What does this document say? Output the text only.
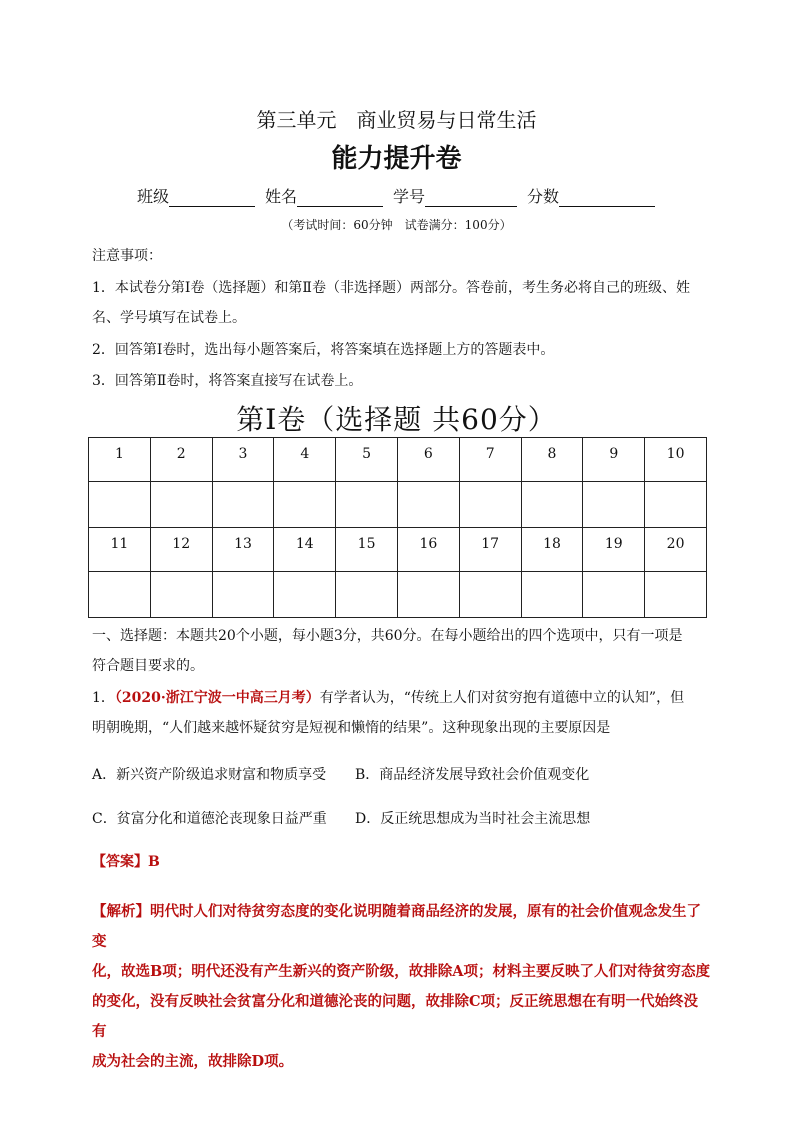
第三单元　商业贸易与日常生活
能力提升卷
班级	姓名	学号	分数
（考试时间：60分钟　试卷满分：100分）
注意事项：
1．本试卷分第Ⅰ卷（选择题）和第Ⅱ卷（非选择题）两部分。答卷前，考生务必将自己的班级、姓
名、学号填写在试卷上。
2．回答第Ⅰ卷时，选出每小题答案后，将答案填在选择题上方的答题表中。
3．回答第Ⅱ卷时，将答案直接写在试卷上。
第Ⅰ卷（选择题 共60分）
1	2	3	4	5	6	7	8	9	10

11	12	13	14	15	16	17	18	19	20

一、选择题：本题共20个小题，每小题3分，共60分。在每小题给出的四个选项中，只有一项是
符合题目要求的。
1．（2020·浙江宁波一中高三月考）有学者认为，“传统上人们对贫穷抱有道德中立的认知”，但
明朝晚期，“人们越来越怀疑贫穷是短视和懒惰的结果”。这种现象出现的主要原因是
A．新兴资产阶级追求财富和物质享受 B．商品经济发展导致社会价值观变化
C．贫富分化和道德沦丧现象日益严重 D．反正统思想成为当时社会主流思想
【答案】B
【解析】明代时人们对待贫穷态度的变化说明随着商品经济的发展，原有的社会价值观念发生了变
化，故选B项；明代还没有产生新兴的资产阶级，故排除A项；材料主要反映了人们对待贫穷态度
的变化，没有反映社会贫富分化和道德沦丧的问题，故排除C项；反正统思想在有明一代始终没有
成为社会的主流，故排除D项。
